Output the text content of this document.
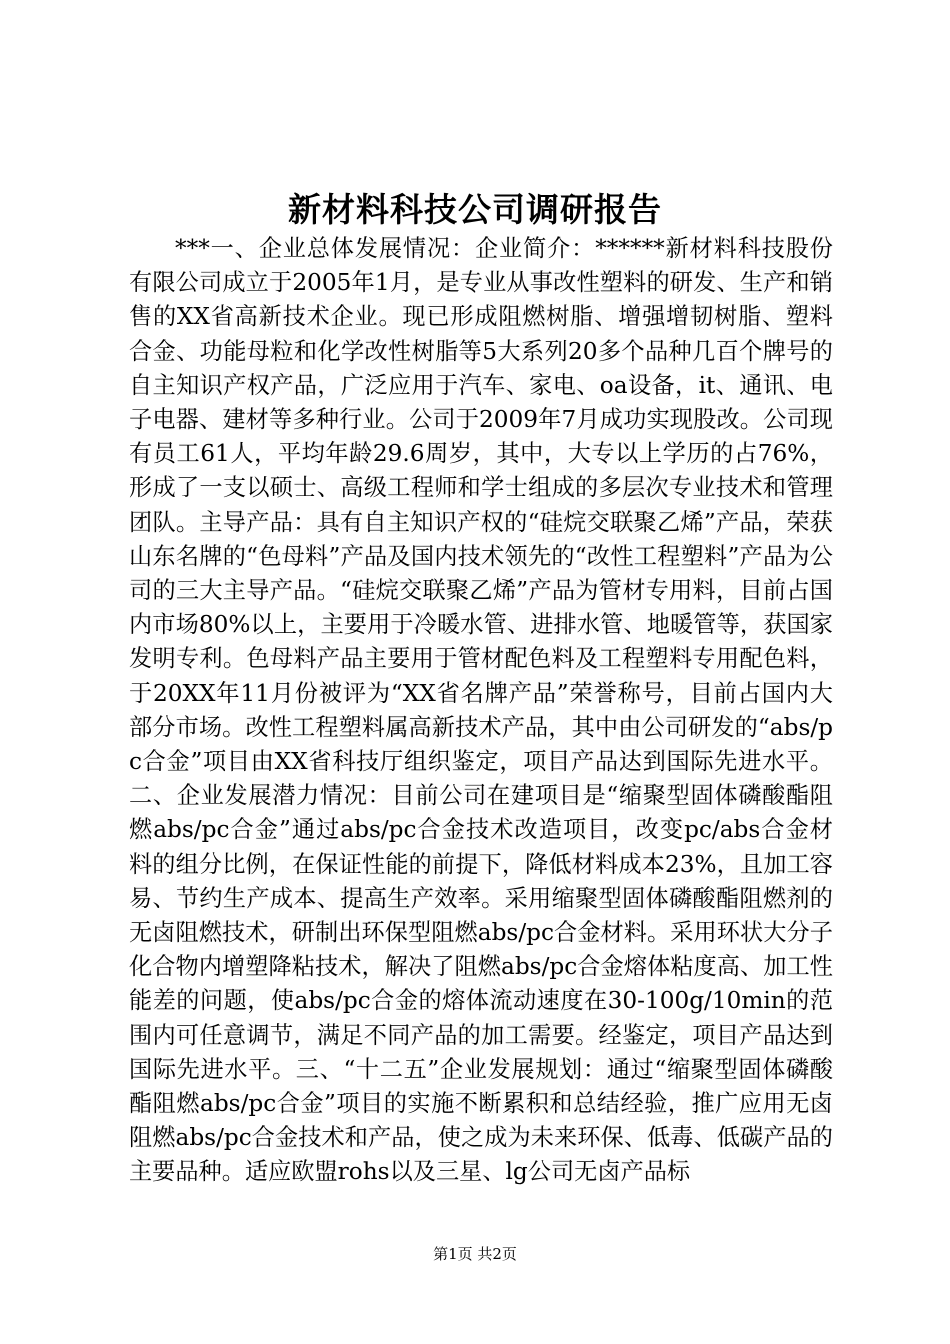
新材料科技公司调研报告

***一、企业总体发展情况：企业简介：******新材料科技股份有限公司成立于2005年1月，是专业从事改性塑料的研发、生产和销售的XX省高新技术企业。现已形成阻燃树脂、增强增韧树脂、塑料合金、功能母粒和化学改性树脂等5大系列20多个品种几百个牌号的自主知识产权产品，广泛应用于汽车、家电、oa设备，it、通讯、电子电器、建材等多种行业。公司于2009年7月成功实现股改。公司现有员工61人，平均年龄29.6周岁，其中，大专以上学历的占76%，形成了一支以硕士、高级工程师和学士组成的多层次专业技术和管理团队。主导产品：具有自主知识产权的“硅烷交联聚乙烯”产品，荣获山东名牌的“色母料”产品及国内技术领先的“改性工程塑料”产品为公司的三大主导产品。“硅烷交联聚乙烯”产品为管材专用料，目前占国内市场80%以上，主要用于冷暖水管、进排水管、地暖管等，获国家发明专利。色母料产品主要用于管材配色料及工程塑料专用配色料，于20XX年11月份被评为“XX省名牌产品”荣誉称号，目前占国内大部分市场。改性工程塑料属高新技术产品，其中由公司研发的“abs/pc合金”项目由XX省科技厅组织鉴定，项目产品达到国际先进水平。二、企业发展潜力情况：目前公司在建项目是“缩聚型固体磷酸酯阻燃abs/pc合金”通过abs/pc合金技术改造项目，改变pc/abs合金材料的组分比例，在保证性能的前提下，降低材料成本23%，且加工容易、节约生产成本、提高生产效率。采用缩聚型固体磷酸酯阻燃剂的无卤阻燃技术，研制出环保型阻燃abs/pc合金材料。采用环状大分子化合物内增塑降粘技术，解决了阻燃abs/pc合金熔体粘度高、加工性能差的问题，使abs/pc合金的熔体流动速度在30-100g/10min的范围内可任意调节，满足不同产品的加工需要。经鉴定，项目产品达到国际先进水平。三、“十二五”企业发展规划：通过“缩聚型固体磷酸酯阻燃abs/pc合金”项目的实施不断累积和总结经验，推广应用无卤阻燃abs/pc合金技术和产品，使之成为未来环保、低毒、低碳产品的主要品种。适应欧盟rohs以及三星、lg公司无卤产品标

第1页 共2页
